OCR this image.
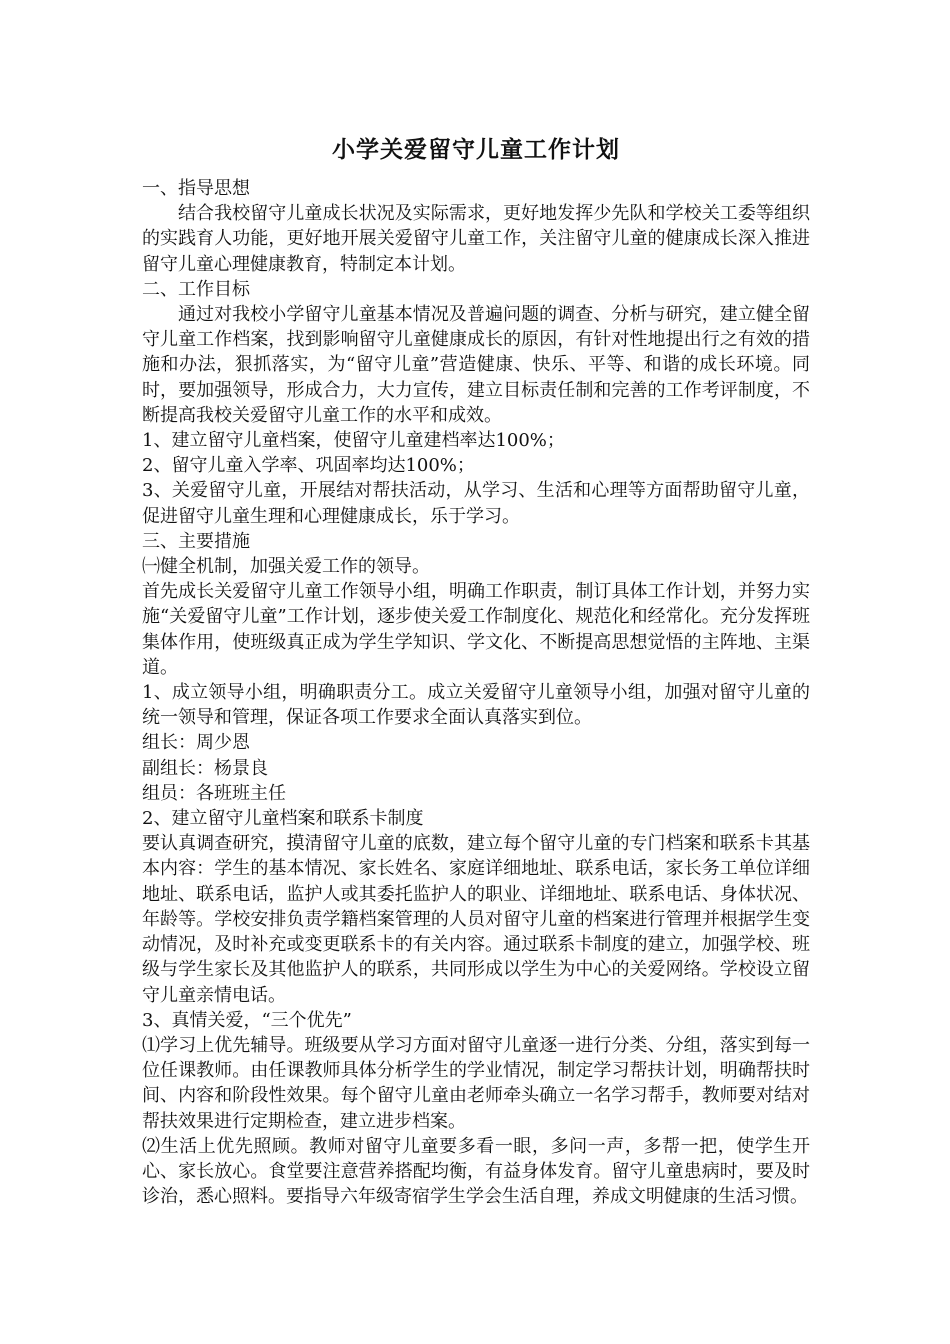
小学关爱留守儿童工作计划

一、指导思想

结合我校留守儿童成长状况及实际需求，更好地发挥少先队和学校关工委等组织的实践育人功能，更好地开展关爱留守儿童工作，关注留守儿童的健康成长深入推进留守儿童心理健康教育，特制定本计划。

二、工作目标

通过对我校小学留守儿童基本情况及普遍问题的调查、分析与研究，建立健全留守儿童工作档案，找到影响留守儿童健康成长的原因，有针对性地提出行之有效的措施和办法，狠抓落实，为“留守儿童”营造健康、快乐、平等、和谐的成长环境。同时，要加强领导，形成合力，大力宣传，建立目标责任制和完善的工作考评制度，不断提高我校关爱留守儿童工作的水平和成效。

1、建立留守儿童档案，使留守儿童建档率达100%；

2、留守儿童入学率、巩固率均达100%；

3、关爱留守儿童，开展结对帮扶活动，从学习、生活和心理等方面帮助留守儿童，促进留守儿童生理和心理健康成长，乐于学习。

三、主要措施

㈠健全机制，加强关爱工作的领导。

首先成长关爱留守儿童工作领导小组，明确工作职责，制订具体工作计划，并努力实施“关爱留守儿童”工作计划，逐步使关爱工作制度化、规范化和经常化。充分发挥班集体作用，使班级真正成为学生学知识、学文化、不断提高思想觉悟的主阵地、主渠道。

1、成立领导小组，明确职责分工。成立关爱留守儿童领导小组，加强对留守儿童的统一领导和管理，保证各项工作要求全面认真落实到位。

组长：周少恩

副组长：杨景良

组员：各班班主任

2、建立留守儿童档案和联系卡制度

要认真调查研究，摸清留守儿童的底数，建立每个留守儿童的专门档案和联系卡其基本内容：学生的基本情况、家长姓名、家庭详细地址、联系电话，家长务工单位详细地址、联系电话，监护人或其委托监护人的职业、详细地址、联系电话、身体状况、年龄等。学校安排负责学籍档案管理的人员对留守儿童的档案进行管理并根据学生变动情况，及时补充或变更联系卡的有关内容。通过联系卡制度的建立，加强学校、班级与学生家长及其他监护人的联系，共同形成以学生为中心的关爱网络。学校设立留守儿童亲情电话。

3、真情关爱，“三个优先”

⑴学习上优先辅导。班级要从学习方面对留守儿童逐一进行分类、分组，落实到每一位任课教师。由任课教师具体分析学生的学业情况，制定学习帮扶计划，明确帮扶时间、内容和阶段性效果。每个留守儿童由老师牵头确立一名学习帮手，教师要对结对帮扶效果进行定期检查，建立进步档案。

⑵生活上优先照顾。教师对留守儿童要多看一眼，多问一声，多帮一把，使学生开心、家长放心。食堂要注意营养搭配均衡，有益身体发育。留守儿童患病时，要及时诊治，悉心照料。要指导六年级寄宿学生学会生活自理，养成文明健康的生活习惯。
